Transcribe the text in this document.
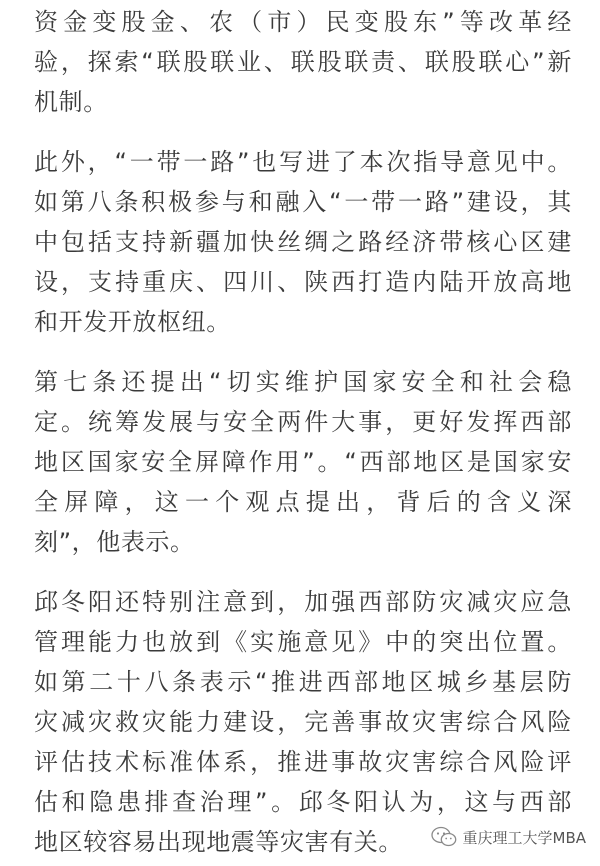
资金变股金、农（市）民变股东”等改革经
验，探索“联股联业、联股联责、联股联心”新
机制。
此外，“一带一路”也写进了本次指导意见中。
如第八条积极参与和融入“一带一路”建设，其
中包括支持新疆加快丝绸之路经济带核心区建
设，支持重庆、四川、陕西打造内陆开放高地
和开发开放枢纽。
第七条还提出“切实维护国家安全和社会稳
定。统筹发展与安全两件大事，更好发挥西部
地区国家安全屏障作用”。“西部地区是国家安
全屏障，这一个观点提出，背后的含义深
刻”，他表示。
邱冬阳还特别注意到，加强西部防灾减灾应急
管理能力也放到《实施意见》中的突出位置。
如第二十八条表示“推进西部地区城乡基层防
灾减灾救灾能力建设，完善事故灾害综合风险
评估技术标准体系，推进事故灾害综合风险评
估和隐患排查治理”。邱冬阳认为，这与西部
地区较容易出现地震等灾害有关。	重庆理工大学MBA
